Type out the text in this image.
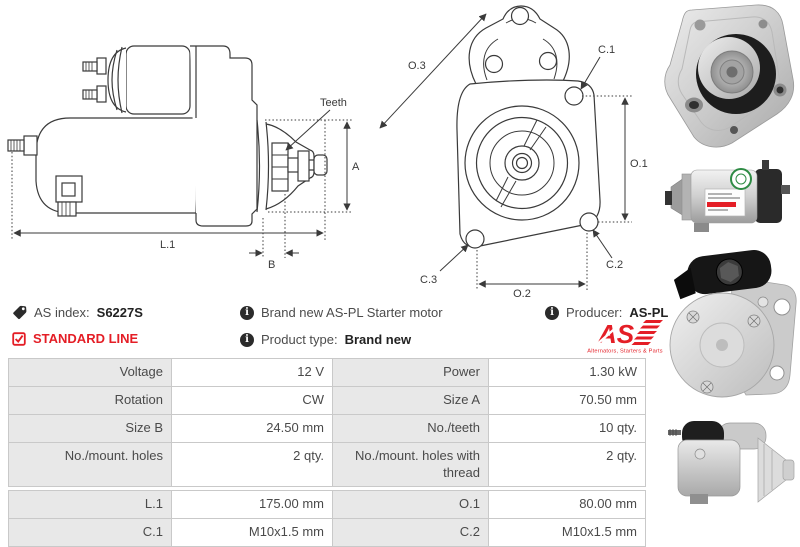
Teeth
A
L.1
B
O.3
C.1
O.1
C.2
C.3
O.2
AS index: S6227S
STANDARD LINE
i Brand new AS-PL Starter motor
i Product type: Brand new
i Producer: AS-PL
AS
Alternators, Starters & Parts
Voltage	12 V	Power	1.30 kW
Rotation	CW	Size A	70.50 mm
Size B	24.50 mm	No./teeth	10 qty.
No./mount. holes	2 qty.	No./mount. holes with thread	2 qty.
L.1	175.00 mm	O.1	80.00 mm
C.1	M10x1.5 mm	C.2	M10x1.5 mm
